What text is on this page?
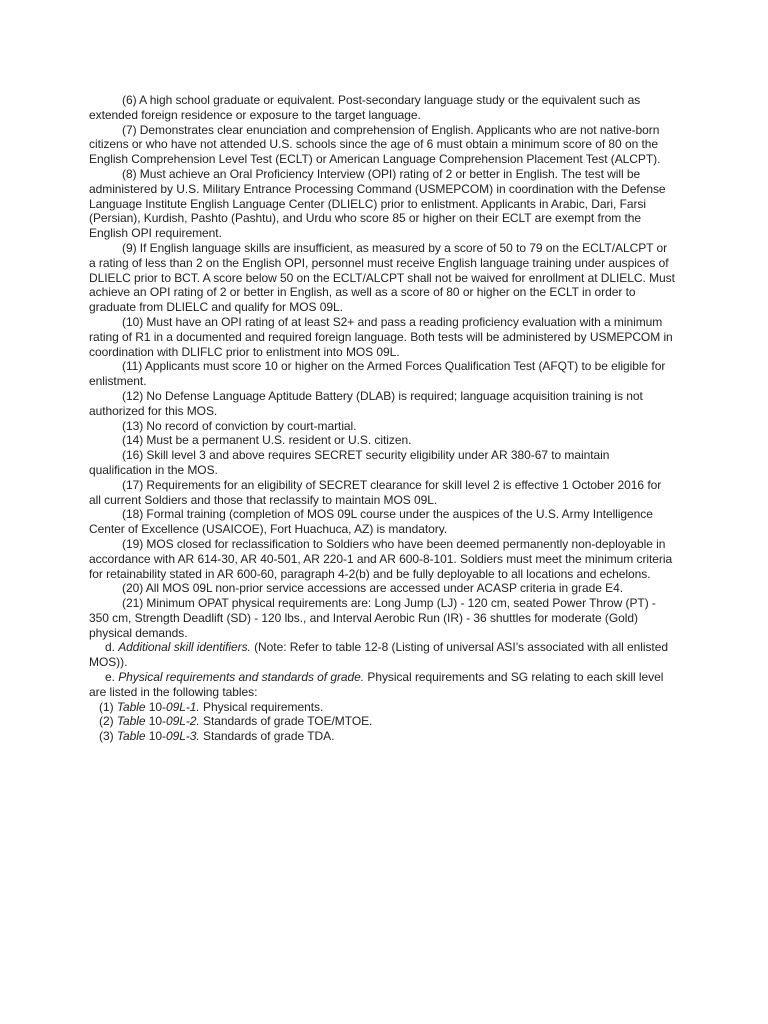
(6) A high school graduate or equivalent. Post-secondary language study or the equivalent such as extended foreign residence or exposure to the target language.

(7) Demonstrates clear enunciation and comprehension of English. Applicants who are not native-born citizens or who have not attended U.S. schools since the age of 6 must obtain a minimum score of 80 on the English Comprehension Level Test (ECLT) or American Language Comprehension Placement Test (ALCPT).

(8) Must achieve an Oral Proficiency Interview (OPI) rating of 2 or better in English. The test will be administered by U.S. Military Entrance Processing Command (USMEPCOM) in coordination with the Defense Language Institute English Language Center (DLIELC) prior to enlistment. Applicants in Arabic, Dari, Farsi (Persian), Kurdish, Pashto (Pashtu), and Urdu who score 85 or higher on their ECLT are exempt from the English OPI requirement.

(9) If English language skills are insufficient, as measured by a score of 50 to 79 on the ECLT/ALCPT or a rating of less than 2 on the English OPI, personnel must receive English language training under auspices of DLIELC prior to BCT. A score below 50 on the ECLT/ALCPT shall not be waived for enrollment at DLIELC. Must achieve an OPI rating of 2 or better in English, as well as a score of 80 or higher on the ECLT in order to graduate from DLIELC and qualify for MOS 09L.

(10) Must have an OPI rating of at least S2+ and pass a reading proficiency evaluation with a minimum rating of R1 in a documented and required foreign language. Both tests will be administered by USMEPCOM in coordination with DLIFLC prior to enlistment into MOS 09L.

(11) Applicants must score 10 or higher on the Armed Forces Qualification Test (AFQT) to be eligible for enlistment.

(12) No Defense Language Aptitude Battery (DLAB) is required; language acquisition training is not authorized for this MOS.

(13) No record of conviction by court-martial.

(14) Must be a permanent U.S. resident or U.S. citizen.

(16) Skill level 3 and above requires SECRET security eligibility under AR 380-67 to maintain qualification in the MOS.

(17) Requirements for an eligibility of SECRET clearance for skill level 2 is effective 1 October 2016 for all current Soldiers and those that reclassify to maintain MOS 09L.

(18) Formal training (completion of MOS 09L course under the auspices of the U.S. Army Intelligence Center of Excellence (USAICOE), Fort Huachuca, AZ) is mandatory.

(19) MOS closed for reclassification to Soldiers who have been deemed permanently non-deployable in accordance with AR 614-30, AR 40-501, AR 220-1 and AR 600-8-101. Soldiers must meet the minimum criteria for retainability stated in AR 600-60, paragraph 4-2(b) and be fully deployable to all locations and echelons.

(20) All MOS 09L non-prior service accessions are accessed under ACASP criteria in grade E4.

(21) Minimum OPAT physical requirements are: Long Jump (LJ) - 120 cm, seated Power Throw (PT) - 350 cm, Strength Deadlift (SD) - 120 lbs., and Interval Aerobic Run (IR) - 36 shuttles for moderate (Gold) physical demands.

d. Additional skill identifiers. (Note: Refer to table 12-8 (Listing of universal ASI’s associated with all enlisted MOS)).

e. Physical requirements and standards of grade. Physical requirements and SG relating to each skill level are listed in the following tables:

(1) Table 10-09L-1. Physical requirements.

(2) Table 10-09L-2. Standards of grade TOE/MTOE.

(3) Table 10-09L-3. Standards of grade TDA.
